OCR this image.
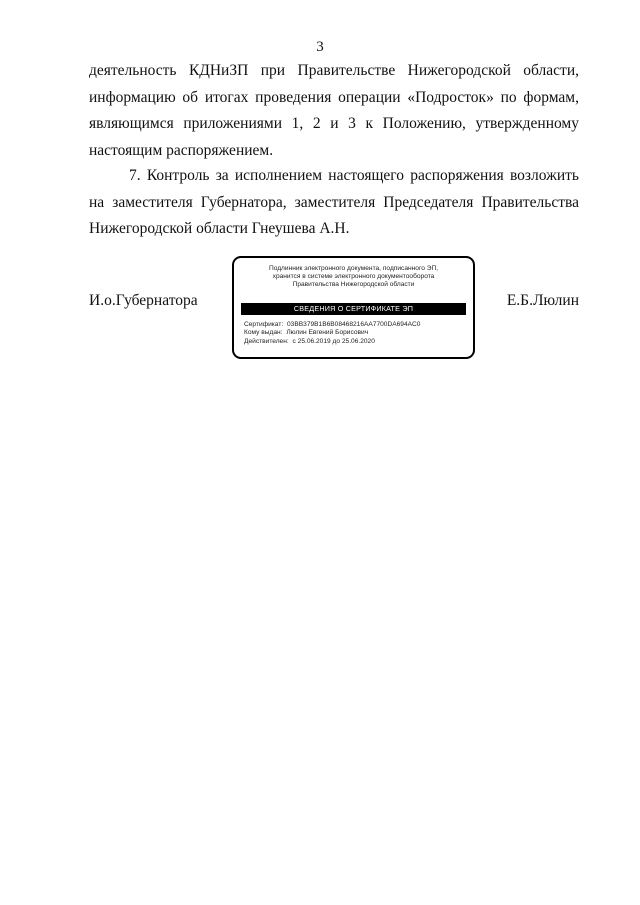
3
деятельность КДНиЗП при Правительстве Нижегородской области,
информацию об итогах проведения операции «Подросток» по формам,
являющимся приложениями 1, 2 и 3 к Положению, утвержденному
настоящим распоряжением.
7. Контроль за исполнением настоящего распоряжения возложить
на заместителя Губернатора, заместителя Председателя Правительства
Нижегородской области Гнеушева А.Н.
И.о.Губернатора	Е.Б.Люлин
Подлинник электронного документа, подписанного ЭП,
хранится в системе электронного документооборота
Правительства Нижегородской области
СВЕДЕНИЯ О СЕРТИФИКАТЕ ЭП
Сертификат: 03BB379B1B6B08468216AA7700DA694AC0
Кому выдан: Люлин Евгений Борисович
Действителен: с 25.06.2019 до 25.06.2020
